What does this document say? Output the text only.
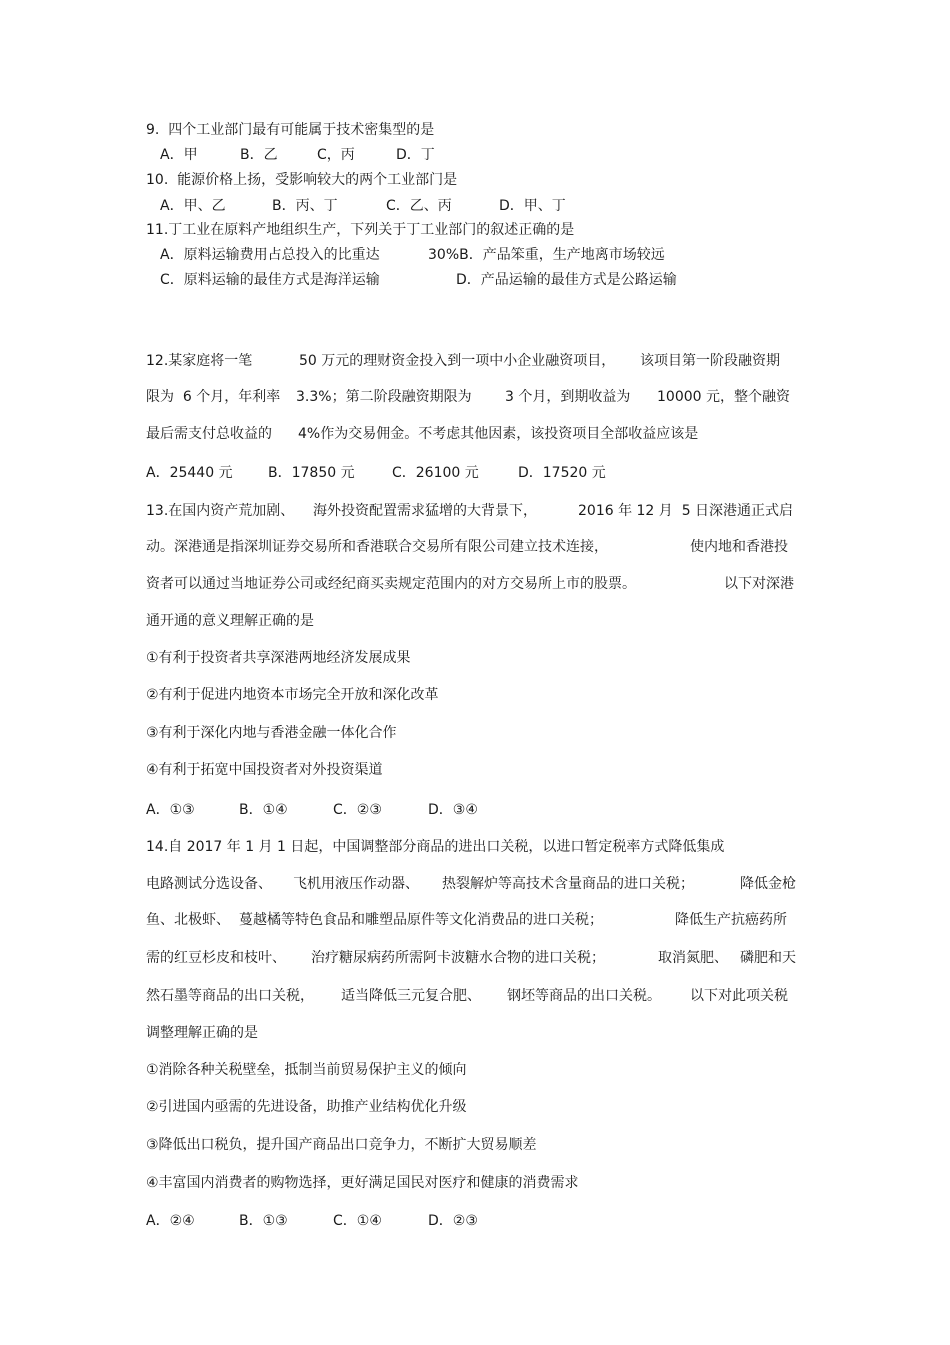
9.  四个工业部门最有可能属于技术密集型的是
A．甲	B．乙	C，丙	D．丁
10.  能源价格上扬，受影响较大的两个工业部门是
A．甲、乙	B．丙、丁	C．乙、丙	D．甲、丁
11.丁工业在原料产地组织生产，下列关于丁工业部门的叙述正确的是
A．原料运输费用占总投入的比重达	30%B．产品笨重，生产地离市场较远
C．原料运输的最佳方式是海洋运输	D．产品运输的最佳方式是公路运输
12.某家庭将一笔	50 万元的理财资金投入到一项中小企业融资项目， 该项目第一阶段融资期
限为  6 个月，年利率 3.3%；第二阶段融资期限为 3 个月，到期收益为 10000 元，整个融资
最后需支付总收益的 4%作为交易佣金。不考虑其他因素，该投资项目全部收益应该是
A．25440 元	B．17850 元	C．26100 元	D．17520 元
13.在国内资产荒加剧、 海外投资配置需求猛增的大背景下，	2016 年 12 月  5 日深港通正式启
动。深港通是指深圳证券交易所和香港联合交易所有限公司建立技术连接，	使内地和香港投
资者可以通过当地证券公司或经纪商买卖规定范围内的对方交易所上市的股票。	以下对深港
通开通的意义理解正确的是
①有利于投资者共享深港两地经济发展成果
②有利于促进内地资本市场完全开放和深化改革
③有利于深化内地与香港金融一体化合作
④有利于拓宽中国投资者对外投资渠道
A．①③	B．①④	C．②③	D．③④
14.自 2017 年 1 月 1 日起，中国调整部分商品的进出口关税，以进口暂定税率方式降低集成
电路测试分选设备、 飞机用液压作动器、 热裂解炉等高技术含量商品的进口关税；	降低金枪
鱼、北极虾、 蔓越橘等特色食品和雕塑品原件等文化消费品的进口关税；	降低生产抗癌药所
需的红豆杉皮和枝叶、 治疗糖尿病药所需阿卡波糖水合物的进口关税；	取消氮肥、 磷肥和天
然石墨等商品的出口关税， 适当降低三元复合肥、 钢坯等商品的出口关税。 以下对此项关税
调整理解正确的是
①消除各种关税壁垒，抵制当前贸易保护主义的倾向
②引进国内亟需的先进设备，助推产业结构优化升级
③降低出口税负，提升国产商品出口竞争力，不断扩大贸易顺差
④丰富国内消费者的购物选择，更好满足国民对医疗和健康的消费需求
A．②④	B．①③	C．①④	D．②③
